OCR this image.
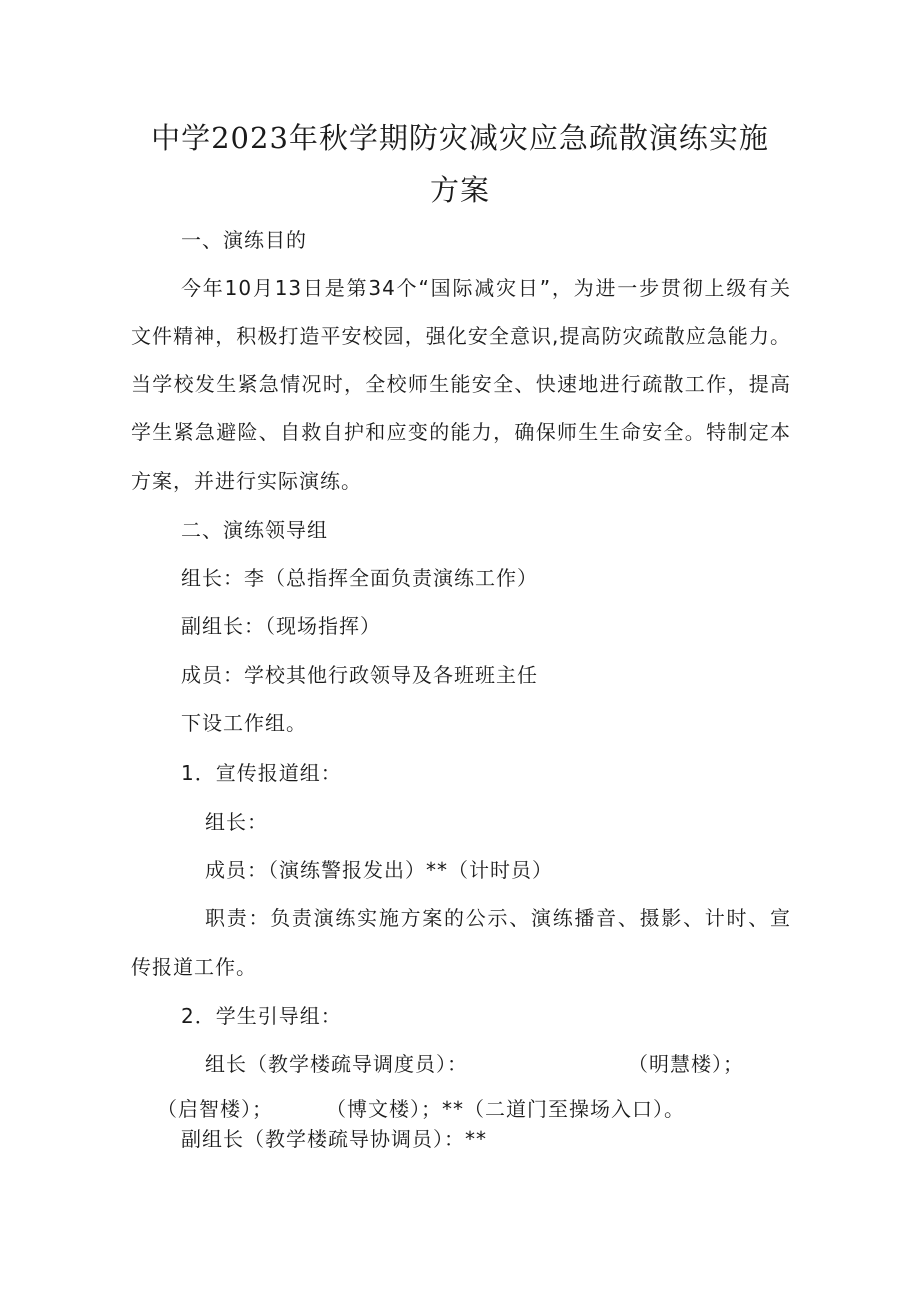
中学2023年秋学期防灾减灾应急疏散演练实施
方案
一、演练目的
今年10月13日是第34个“国际减灾日”，为进一步贯彻上级有关
文件精神，积极打造平安校园，强化安全意识,提高防灾疏散应急能力。
当学校发生紧急情况时，全校师生能安全、快速地进行疏散工作，提高
学生紧急避险、自救自护和应变的能力，确保师生生命安全。特制定本
方案，并进行实际演练。
二、演练领导组
组长：李（总指挥全面负责演练工作）
副组长：（现场指挥）
成员：学校其他行政领导及各班班主任
下设工作组。
1．宣传报道组：
组长：
成员：（演练警报发出）**（计时员）
职责：负责演练实施方案的公示、演练播音、摄影、计时、宣
传报道工作。
2．学生引导组：
组长（教学楼疏导调度员）：	（明慧楼）；
（启智楼）；	（博文楼）；**（二道门至操场入口）。
副组长（教学楼疏导协调员）：**
